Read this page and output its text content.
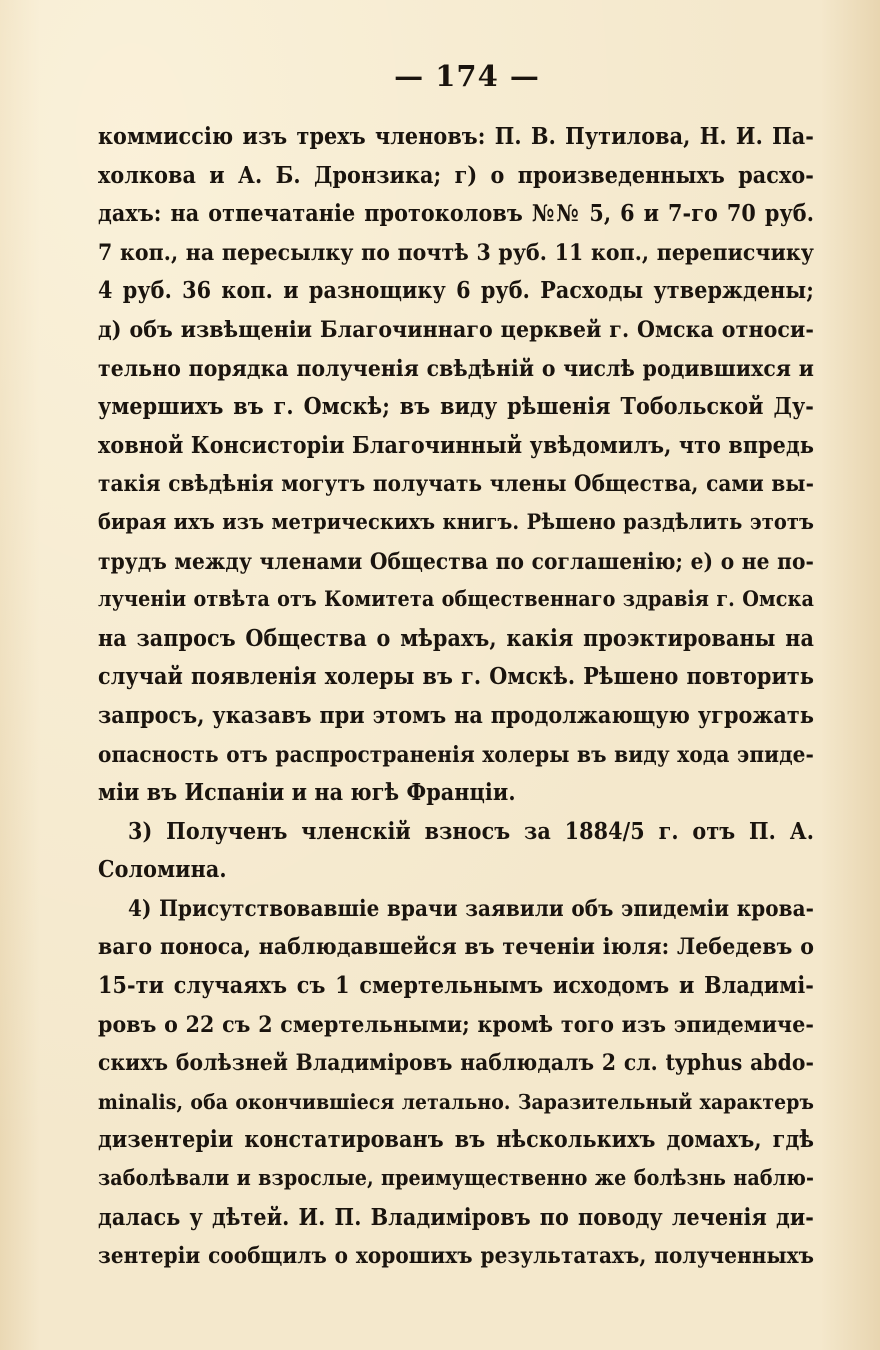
— 174 —
коммиссію изъ трехъ членовъ: П. В. Путилова, Н. И. Па-
холкова и А. Б. Дронзика; г) о произведенныхъ расхо-
дахъ: на отпечатаніе протоколовъ №№ 5, 6 и 7-го 70 руб.
7 коп., на пересылку по почтѣ 3 руб. 11 коп., переписчику
4 руб. 36 коп. и разнощику 6 руб. Расходы утверждены;
д) объ извѣщеніи Благочиннаго церквей г. Омска относи-
тельно порядка полученія свѣдѣній о числѣ родившихся и
умершихъ въ г. Омскѣ; въ виду рѣшенія Тобольской Ду-
ховной Консисторіи Благочинный увѣдомилъ, что впредь
такія свѣдѣнія могутъ получать члены Общества, сами вы-
бирая ихъ изъ метрическихъ книгъ. Рѣшено раздѣлить этотъ
трудъ между членами Общества по соглашенію; е) о не по-
лученіи отвѣта отъ Комитета общественнаго здравія г. Омска
на запросъ Общества о мѣрахъ, какія проэктированы на
случай появленія холеры въ г. Омскѣ. Рѣшено повторить
запросъ, указавъ при этомъ на продолжающую угрожать
опасность отъ распространенія холеры въ виду хода эпиде-
міи въ Испаніи и на югѣ Франціи.
3) Полученъ членскій взносъ за 1884/5 г. отъ П. А.
Соломина.
4) Присутствовавшіе врачи заявили объ эпидеміи крова-
ваго поноса, наблюдавшейся въ теченіи іюля: Лебедевъ о
15-ти случаяхъ съ 1 смертельнымъ исходомъ и Владимі-
ровъ о 22 съ 2 смертельными; кромѣ того изъ эпидемиче-
скихъ болѣзней Владиміровъ наблюдалъ 2 сл. typhus abdo-
minalis, оба окончившіеся летально. Заразительный характеръ
дизентеріи констатированъ въ нѣсколькихъ домахъ, гдѣ
заболѣвали и взрослые, преимущественно же болѣзнь наблю-
далась у дѣтей. И. П. Владиміровъ по поводу леченія ди-
зентеріи сообщилъ о хорошихъ результатахъ, полученныхъ
